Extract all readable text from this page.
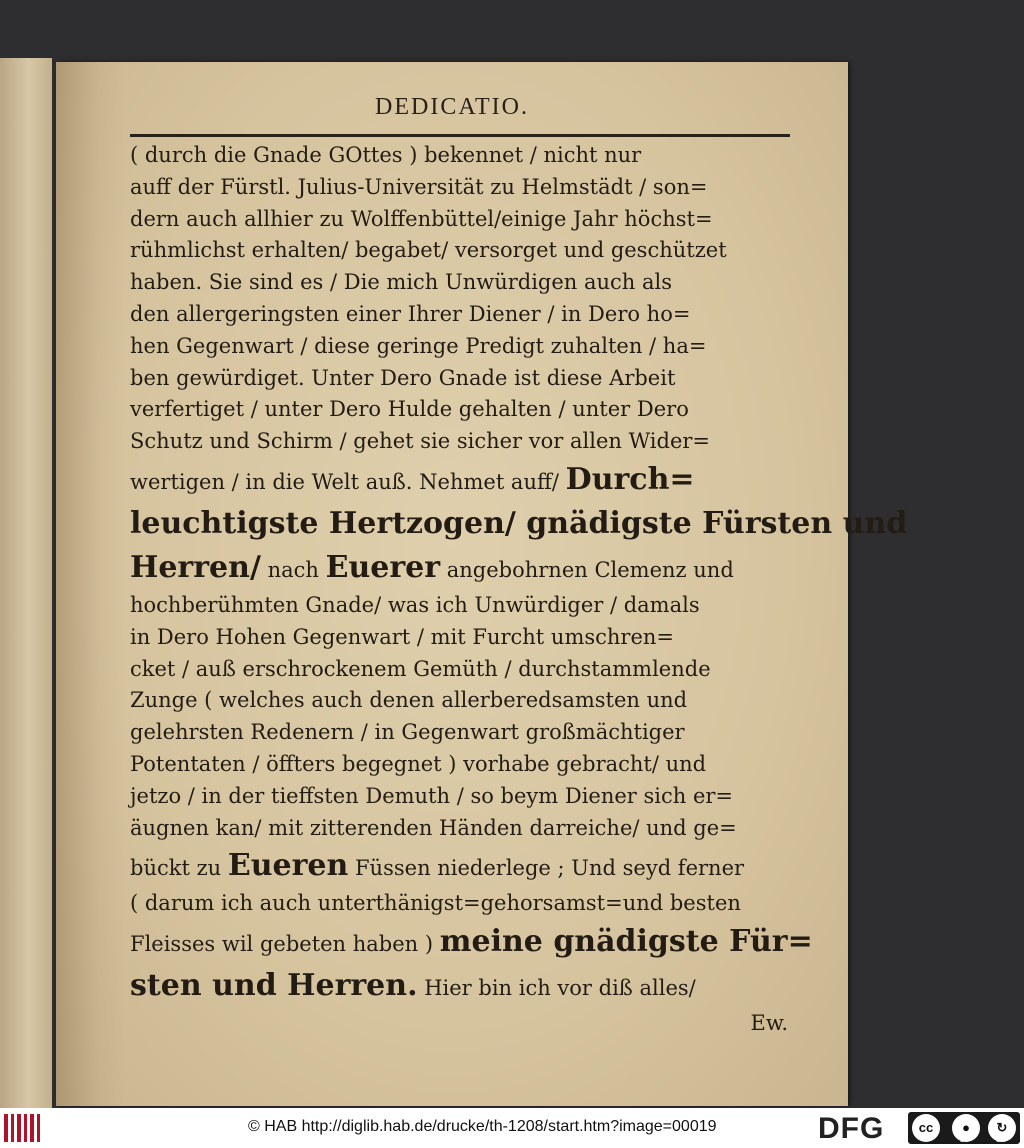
DEDICATIO.
( durch die Gnade GOttes ) bekennet / nicht nur
auff der Fürstl. Julius-Universität zu Helmstädt / son=
dern auch allhier zu Wolffenbüttel/einige Jahr höchst=
rühmlichst erhalten/ begabet/ versorget und geschützet
haben. Sie sind es / Die mich Unwürdigen auch als
den allergeringsten einer Ihrer Diener / in Dero ho=
hen Gegenwart / diese geringe Predigt zuhalten / ha=
ben gewürdiget. Unter Dero Gnade ist diese Arbeit
verfertiget / unter Dero Hulde gehalten / unter Dero
Schutz und Schirm / gehet sie sicher vor allen Wider=
wertigen / in die Welt auß. Nehmet auff/ Durch=
leuchtigste Hertzogen/ gnädigste Fürsten und
Herren/ nach Euerer angebohrnen Clemenz und
hochberühmten Gnade/ was ich Unwürdiger / damals
in Dero Hohen Gegenwart / mit Furcht umschren=
cket / auß erschrockenem Gemüth / durchstammlende
Zunge ( welches auch denen allerberedsamsten und
gelehrsten Redenern / in Gegenwart großmächtiger
Potentaten / öffters begegnet ) vorhabe gebracht/ und
jetzo / in der tieffsten Demuth / so beym Diener sich er=
äugnen kan/ mit zitterenden Händen darreiche/ und ge=
bückt zu Eueren Füssen niederlege ; Und seyd ferner
( darum ich auch unterthänigst=gehorsamst=und besten
Fleisses wil gebeten haben ) meine gnädigste Für=
sten und Herren. Hier bin ich vor diß alles/
Ew.
© HAB http://diglib.hab.de/drucke/th-1208/start.htm?image=00019	DFG	cc	●	↻
BY	SA
